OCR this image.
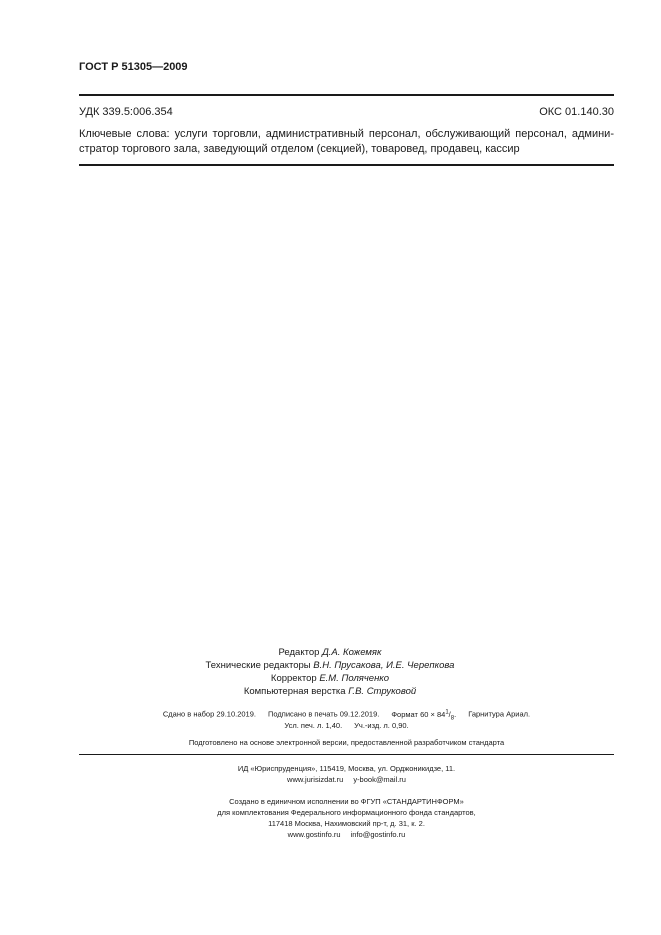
ГОСТ Р 51305—2009
УДК 339.5:006.354	ОКС 01.140.30
Ключевые слова: услуги торговли, административный персонал, обслуживающий персонал, админи-
стратор торгового зала, заведующий отделом (секцией), товаровед, продавец, кассир
Редактор Д.А. Кожемяк
Технические редакторы В.Н. Прусакова, И.Е. Черепкова
Корректор Е.М. Поляченко
Компьютерная верстка Г.В. Струковой
Сдано в набор 29.10.2019. Подписано в печать 09.12.2019. Формат $60 \times 84^1/_8$. Гарнитура Ариал.
Усл. печ. л. 1,40. Уч.-изд. л. 0,90.
Подготовлено на основе электронной версии, предоставленной разработчиком стандарта
ИД «Юриспруденция», 115419, Москва, ул. Орджоникидзе, 11.
www.jurisizdat.ru y-book@mail.ru
Создано в единичном исполнении во ФГУП «СТАНДАРТИНФОРМ»
для комплектования Федерального информационного фонда стандартов,
117418 Москва, Нахимовский пр-т, д. 31, к. 2.
www.gostinfo.ru info@gostinfo.ru
